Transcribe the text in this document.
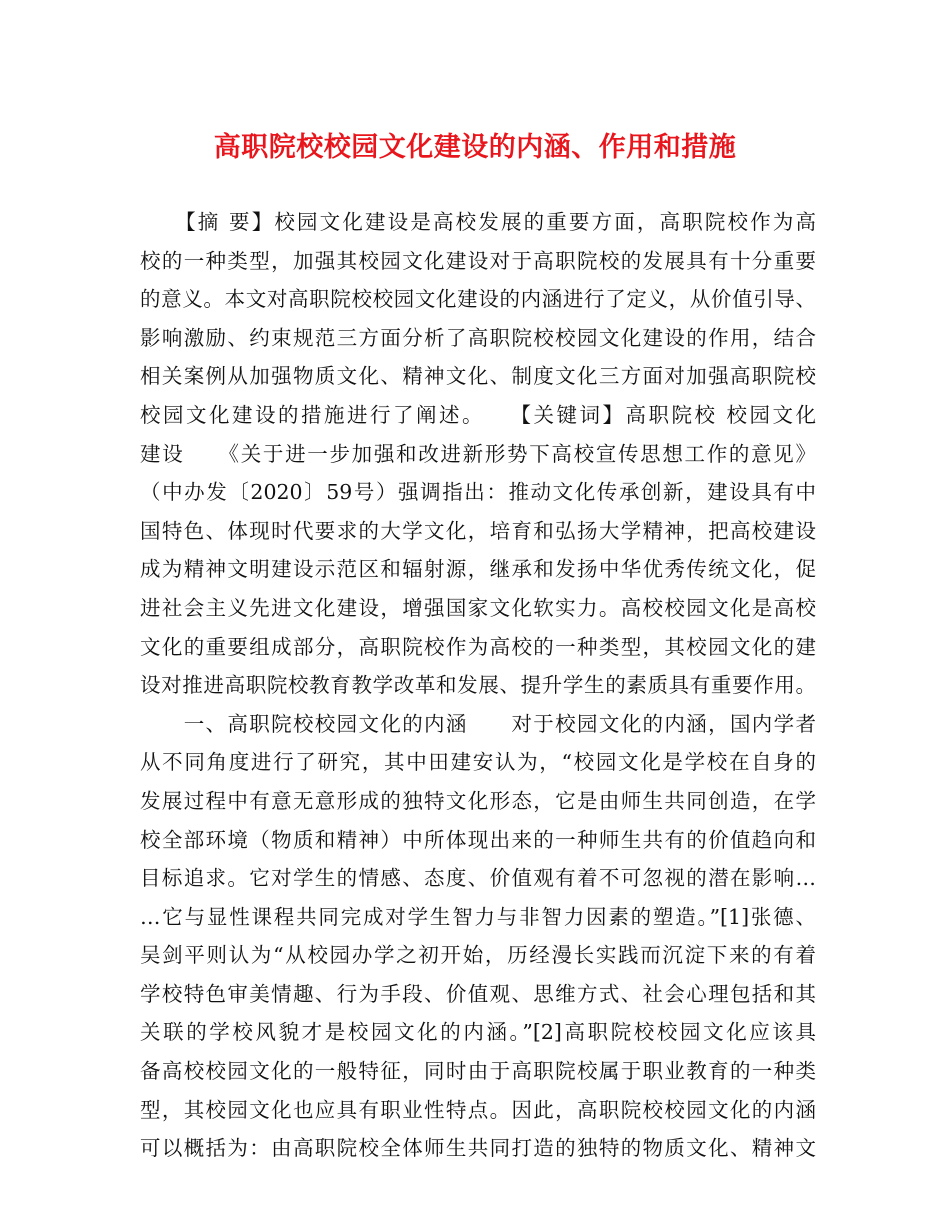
高职院校校园文化建设的内涵、作用和措施
　　【摘 要】校园文化建设是高校发展的重要方面，高职院校作为高
校的一种类型，加强其校园文化建设对于高职院校的发展具有十分重要
的意义。本文对高职院校校园文化建设的内涵进行了定义，从价值引导、
影响激励、约束规范三方面分析了高职院校校园文化建设的作用，结合
相关案例从加强物质文化、精神文化、制度文化三方面对加强高职院校
校园文化建设的措施进行了阐述。　　【关键词】高职院校 校园文化
建设　　《关于进一步加强和改进新形势下高校宣传思想工作的意见》
（中办发〔2020〕59号）强调指出：推动文化传承创新，建设具有中
国特色、体现时代要求的大学文化，培育和弘扬大学精神，把高校建设
成为精神文明建设示范区和辐射源，继承和发扬中华优秀传统文化，促
进社会主义先进文化建设，增强国家文化软实力。高校校园文化是高校
文化的重要组成部分，高职院校作为高校的一种类型，其校园文化的建
设对推进高职院校教育教学改革和发展、提升学生的素质具有重要作用。
　　一、高职院校校园文化的内涵　　对于校园文化的内涵，国内学者
从不同角度进行了研究，其中田建安认为，“校园文化是学校在自身的
发展过程中有意无意形成的独特文化形态，它是由师生共同创造，在学
校全部环境（物质和精神）中所体现出来的一种师生共有的价值趋向和
目标追求。它对学生的情感、态度、价值观有着不可忽视的潜在影响…
…它与显性课程共同完成对学生智力与非智力因素的塑造。”[1]张德、
吴剑平则认为“从校园办学之初开始，历经漫长实践而沉淀下来的有着
学校特色审美情趣、行为手段、价值观、思维方式、社会心理包括和其
关联的学校风貌才是校园文化的内涵。”[2]高职院校校园文化应该具
备高校校园文化的一般特征，同时由于高职院校属于职业教育的一种类
型，其校园文化也应具有职业性特点。因此，高职院校校园文化的内涵
可以概括为：由高职院校全体师生共同打造的独特的物质文化、精神文
